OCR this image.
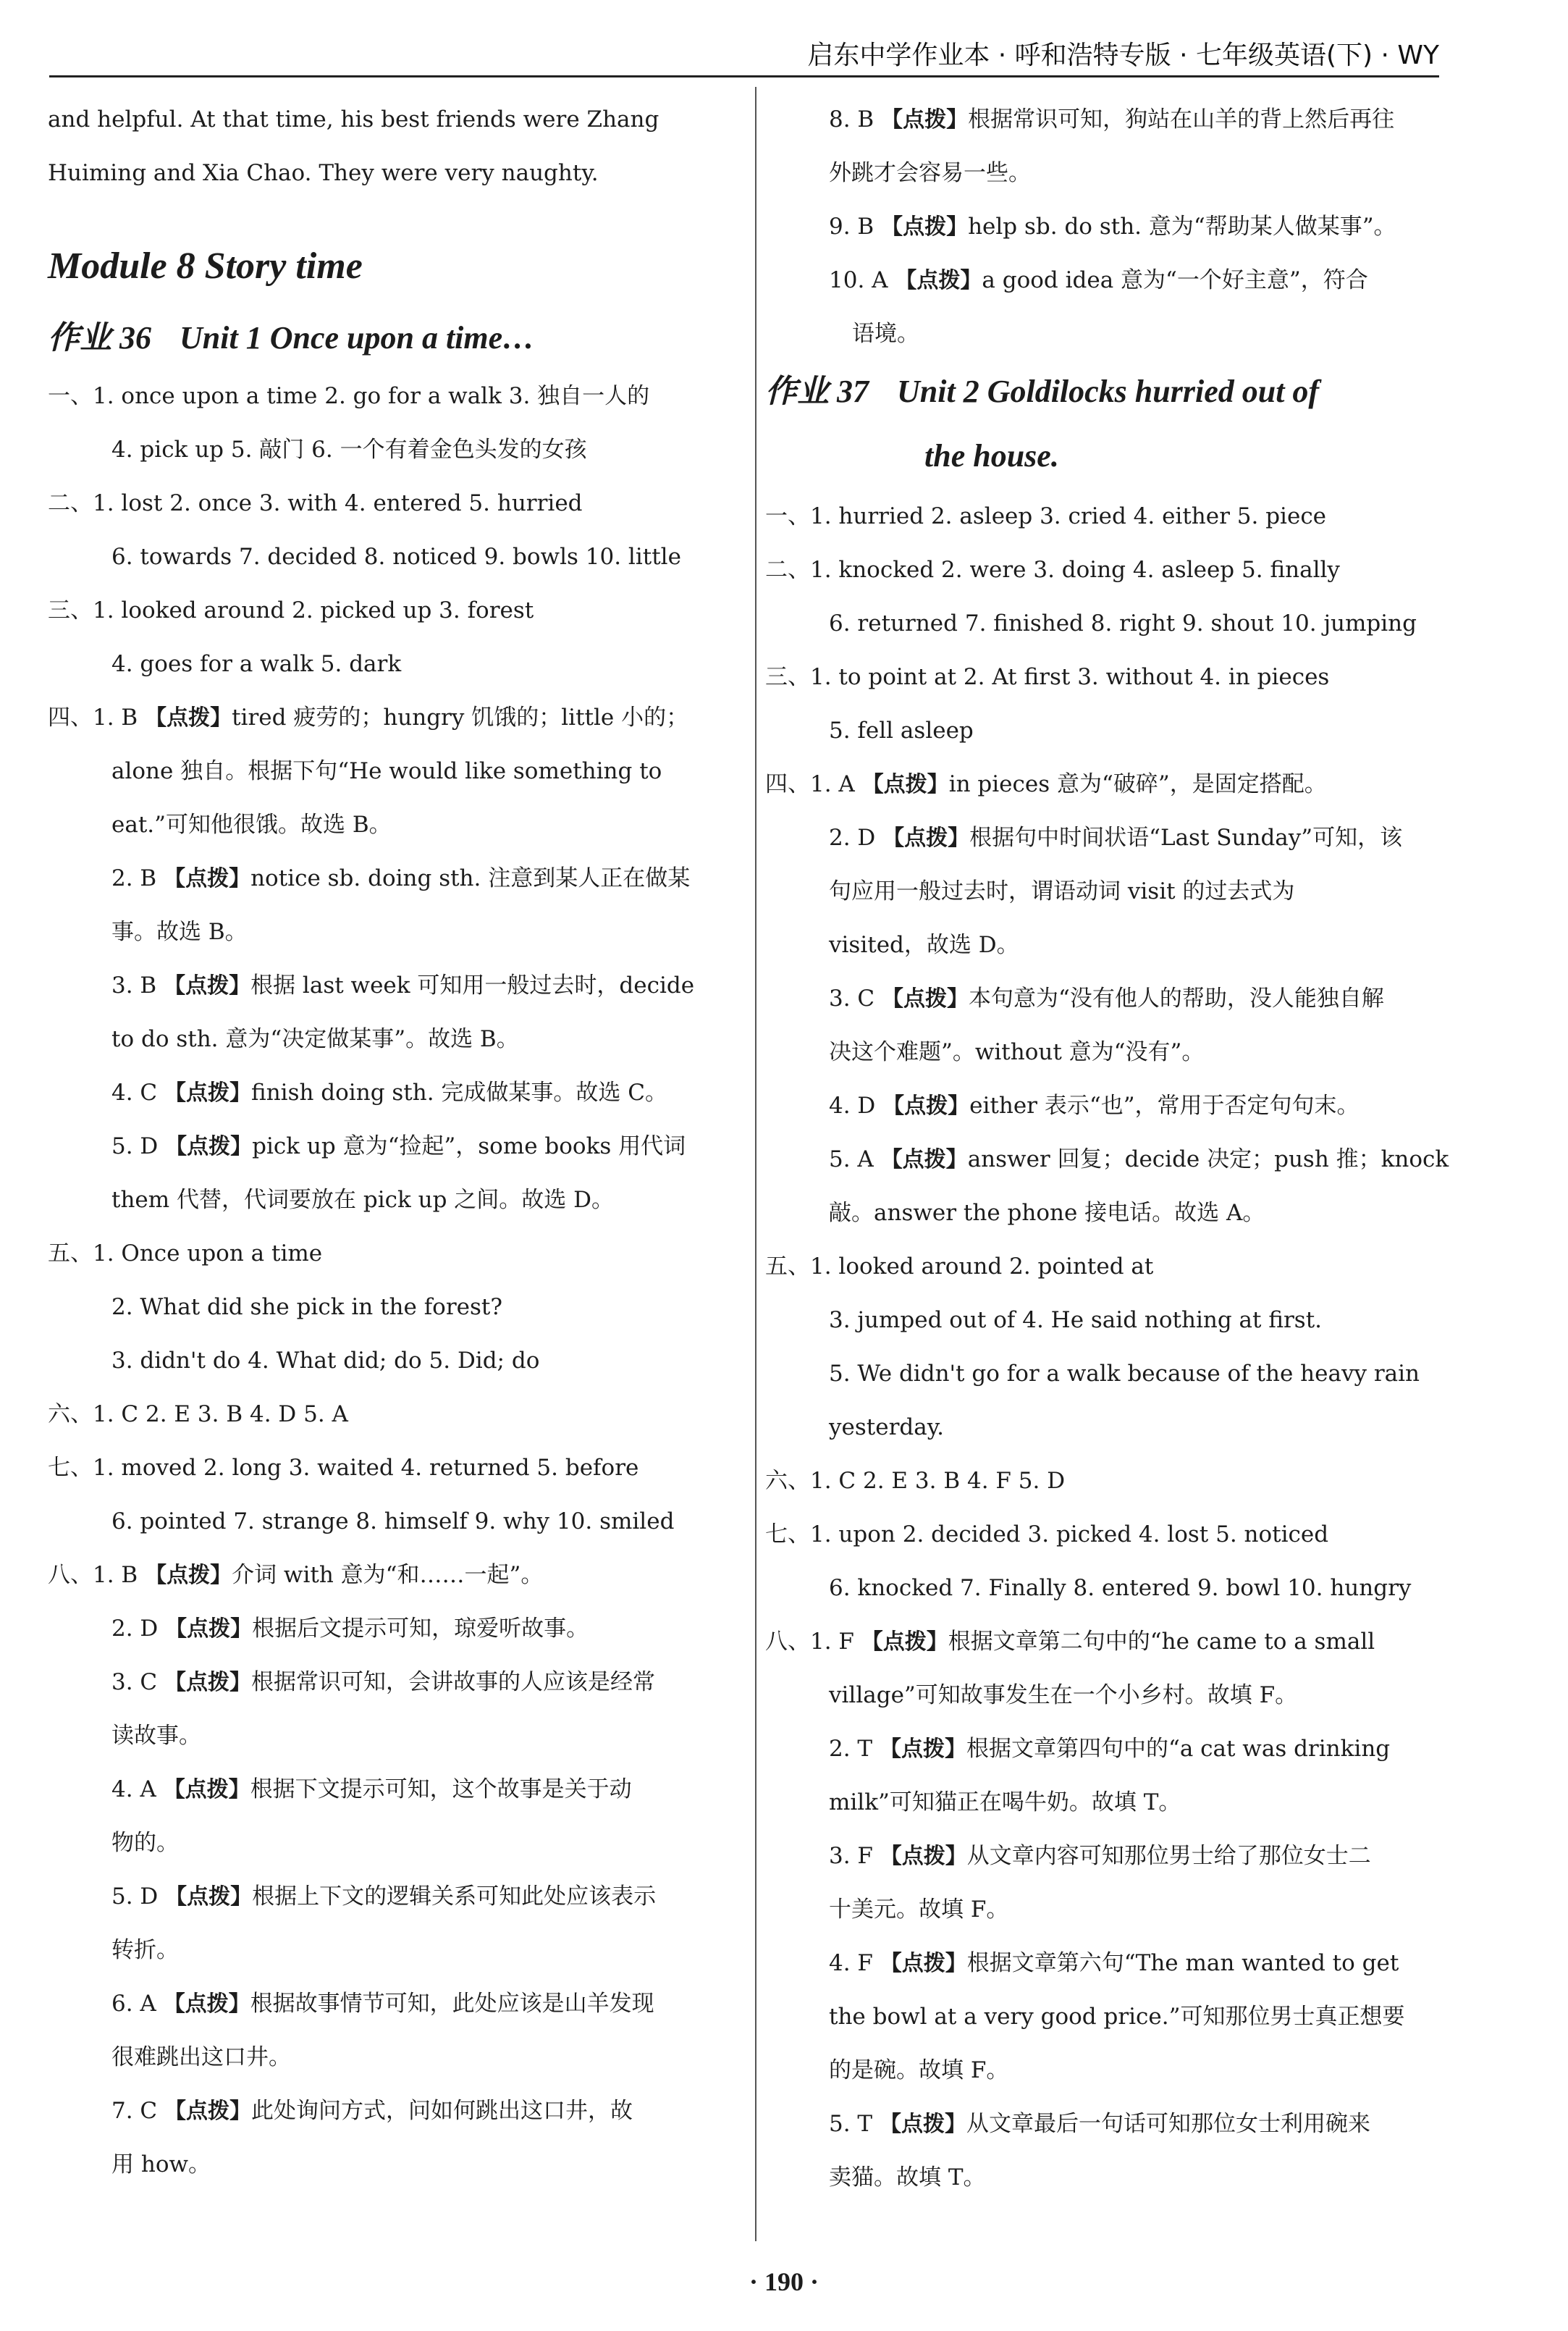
启东中学作业本 · 呼和浩特专版 · 七年级英语(下) · WY
and helpful. At that time, his best friends were Zhang
Huiming and Xia Chao. They were very naughty.
Module 8 Story time
作业 36 Unit 1 Once upon a time…
一、1. once upon a time 2. go for a walk 3. 独自一人的
4. pick up 5. 敲门 6. 一个有着金色头发的女孩
二、1. lost 2. once 3. with 4. entered 5. hurried
6. towards 7. decided 8. noticed 9. bowls 10. little
三、1. looked around 2. picked up 3. forest
4. goes for a walk 5. dark
四、1. B 【点拨】tired 疲劳的；hungry 饥饿的；little 小的；
alone 独自。根据下句“He would like something to
eat.”可知他很饿。故选 B。
2. B 【点拨】notice sb. doing sth. 注意到某人正在做某
事。故选 B。
3. B 【点拨】根据 last week 可知用一般过去时，decide
to do sth. 意为“决定做某事”。故选 B。
4. C 【点拨】finish doing sth. 完成做某事。故选 C。
5. D 【点拨】pick up 意为“捡起”，some books 用代词
them 代替，代词要放在 pick up 之间。故选 D。
五、1. Once upon a time
2. What did she pick in the forest?
3. didn't do 4. What did; do 5. Did; do
六、1. C 2. E 3. B 4. D 5. A
七、1. moved 2. long 3. waited 4. returned 5. before
6. pointed 7. strange 8. himself 9. why 10. smiled
八、1. B 【点拨】介词 with 意为“和……一起”。
2. D 【点拨】根据后文提示可知，琼爱听故事。
3. C 【点拨】根据常识可知，会讲故事的人应该是经常
读故事。
4. A 【点拨】根据下文提示可知，这个故事是关于动
物的。
5. D 【点拨】根据上下文的逻辑关系可知此处应该表示
转折。
6. A 【点拨】根据故事情节可知，此处应该是山羊发现
很难跳出这口井。
7. C 【点拨】此处询问方式，问如何跳出这口井，故
用 how。
8. B 【点拨】根据常识可知，狗站在山羊的背上然后再往
外跳才会容易一些。
9. B 【点拨】help sb. do sth. 意为“帮助某人做某事”。
10. A 【点拨】a good idea 意为“一个好主意”，符合
语境。
作业 37 Unit 2 Goldilocks hurried out of
the house.
一、1. hurried 2. asleep 3. cried 4. either 5. piece
二、1. knocked 2. were 3. doing 4. asleep 5. finally
6. returned 7. finished 8. right 9. shout 10. jumping
三、1. to point at 2. At first 3. without 4. in pieces
5. fell asleep
四、1. A 【点拨】in pieces 意为“破碎”，是固定搭配。
2. D 【点拨】根据句中时间状语“Last Sunday”可知，该
句应用一般过去时，谓语动词 visit 的过去式为
visited，故选 D。
3. C 【点拨】本句意为“没有他人的帮助，没人能独自解
决这个难题”。without 意为“没有”。
4. D 【点拨】either 表示“也”，常用于否定句句末。
5. A 【点拨】answer 回复；decide 决定；push 推；knock
敲。answer the phone 接电话。故选 A。
五、1. looked around 2. pointed at
3. jumped out of 4. He said nothing at first.
5. We didn't go for a walk because of the heavy rain
yesterday.
六、1. C 2. E 3. B 4. F 5. D
七、1. upon 2. decided 3. picked 4. lost 5. noticed
6. knocked 7. Finally 8. entered 9. bowl 10. hungry
八、1. F 【点拨】根据文章第二句中的“he came to a small
village”可知故事发生在一个小乡村。故填 F。
2. T 【点拨】根据文章第四句中的“a cat was drinking
milk”可知猫正在喝牛奶。故填 T。
3. F 【点拨】从文章内容可知那位男士给了那位女士二
十美元。故填 F。
4. F 【点拨】根据文章第六句“The man wanted to get
the bowl at a very good price.”可知那位男士真正想要
的是碗。故填 F。
5. T 【点拨】从文章最后一句话可知那位女士利用碗来
卖猫。故填 T。
· 190 ·
